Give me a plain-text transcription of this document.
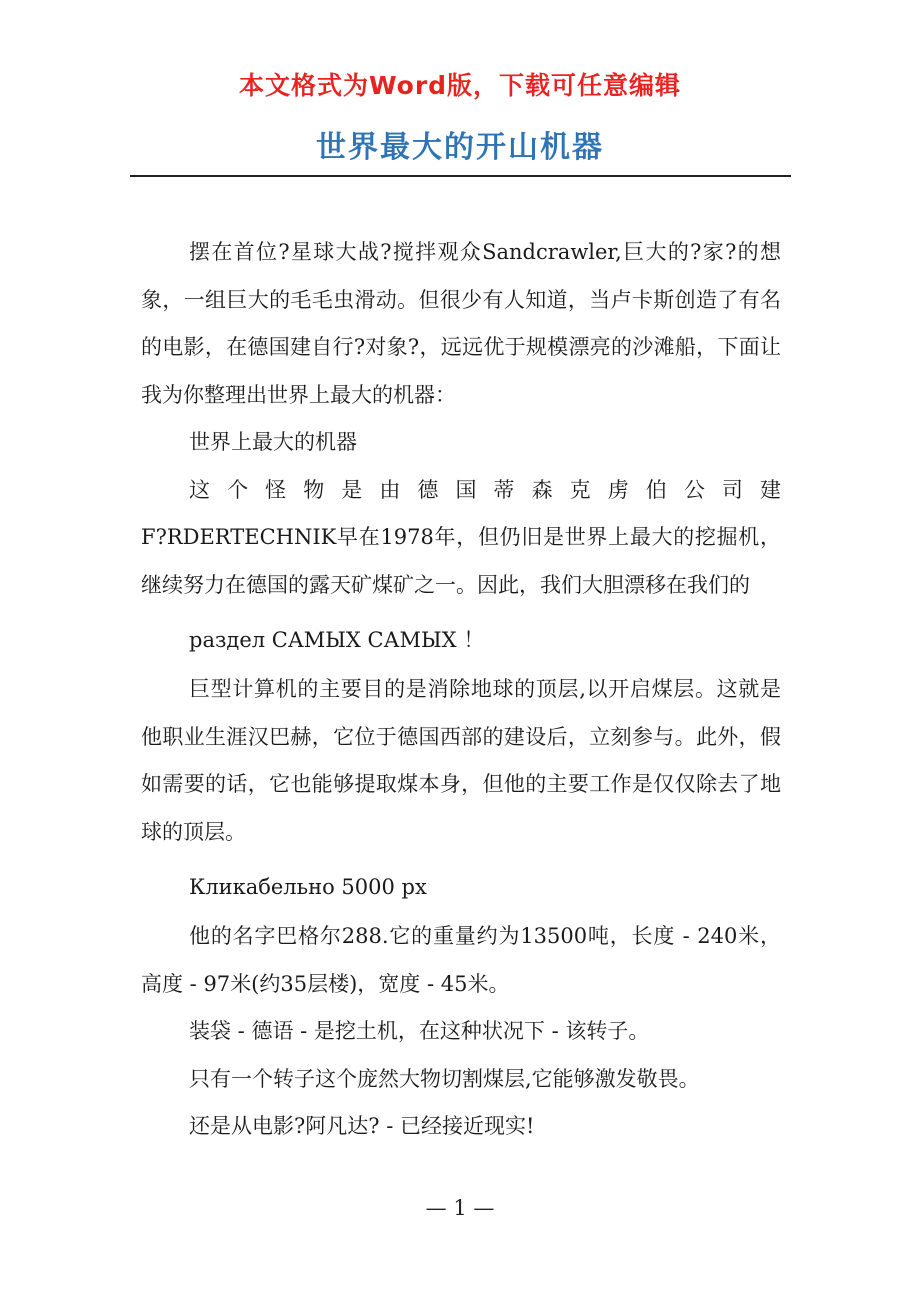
本文格式为Word版，下载可任意编辑
世界最大的开山机器

摆在首位?星球大战?搅拌观众Sandcrawler,巨大的?家?的想象，一组巨大的毛毛虫滑动。但很少有人知道，当卢卡斯创造了有名的电影，在德国建自行?对象?，远远优于规模漂亮的沙滩船，下面让我为你整理出世界上最大的机器：

世界上最大的机器

这个怪物是由德国蒂森克虏伯公司建

F?RDERTECHNIK早在1978年，但仍旧是世界上最大的挖掘机，继续努力在德国的露天矿煤矿之一。因此，我们大胆漂移在我们的

раздел САМЫХ САМЫХ ！

巨型计算机的主要目的是消除地球的顶层,以开启煤层。这就是他职业生涯汉巴赫，它位于德国西部的建设后，立刻参与。此外，假如需要的话，它也能够提取煤本身，但他的主要工作是仅仅除去了地球的顶层。

Кликабельно 5000 px

他的名字巴格尔288.它的重量约为13500吨，长度 - 240米，高度 - 97米(约35层楼)，宽度 - 45米。

装袋 - 德语 - 是挖土机，在这种状况下 - 该转子。

只有一个转子这个庞然大物切割煤层,它能够激发敬畏。

还是从电影?阿凡达? - 已经接近现实!

— 1 —
